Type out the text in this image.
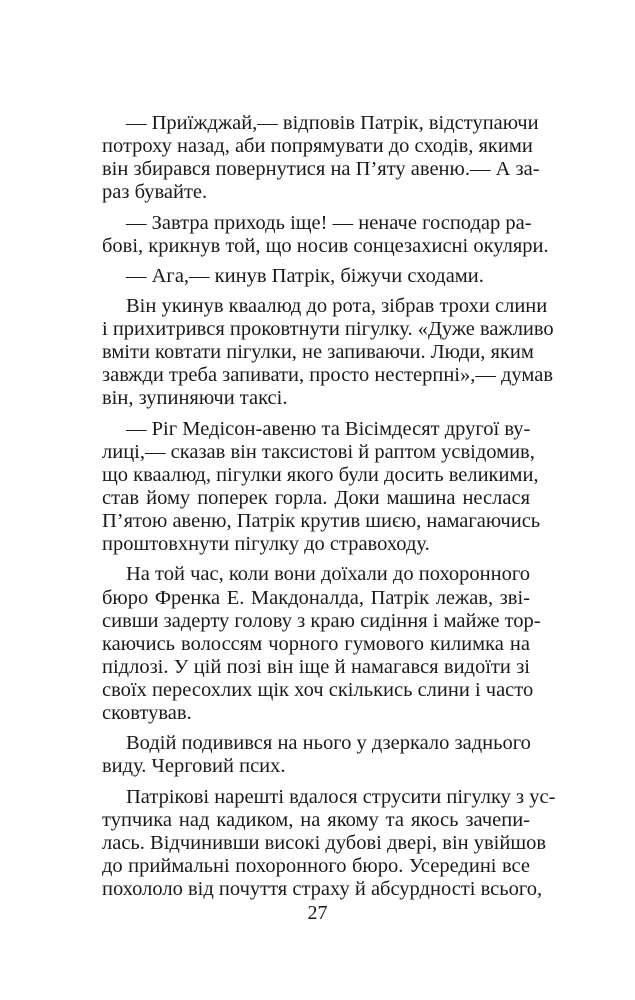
— Приїжджай,— відповів Патрік, відступаючи
потроху назад, аби попрямувати до сходів, якими
він збирався повернутися на П’яту авеню.— А за-
раз бувайте.
— Завтра приходь іще! — неначе господар ра-
бові, крикнув той, що носив сонцезахисні окуляри.
— Ага,— кинув Патрік, біжучи сходами.
Він укинув кваалюд до рота, зібрав трохи слини
і прихитрився проковтнути пігулку. «Дуже важливо
вміти ковтати пігулки, не запиваючи. Люди, яким
завжди треба запивати, просто нестерпні»,— думав
він, зупиняючи таксі.
— Ріг Медісон-авеню та Вісімдесят другої ву-
лиці,— сказав він таксистові й раптом усвідомив,
що кваалюд, пігулки якого були досить великими,
став йому поперек горла. Доки машина неслася
П’ятою авеню, Патрік крутив шиєю, намагаючись
проштовхнути пігулку до стравоходу.
На той час, коли вони доїхали до похоронного
бюро Френка Е. Макдоналда, Патрік лежав, зві-
сивши задерту голову з краю сидіння і майже тор-
каючись волоссям чорного гумового килимка на
підлозі. У цій позі він іще й намагався видоїти зі
своїх пересохлих щік хоч скількись слини і часто
сковтував.
Водій подивився на нього у дзеркало заднього
виду. Черговий псих.
Патрікові нарешті вдалося струсити пігулку з ус-
тупчика над кадиком, на якому та якось зачепи-
лась. Відчинивши високі дубові двері, він увійшов
до приймальні похоронного бюро. Усередині все
похололо від почуття страху й абсурдності всього,
27
